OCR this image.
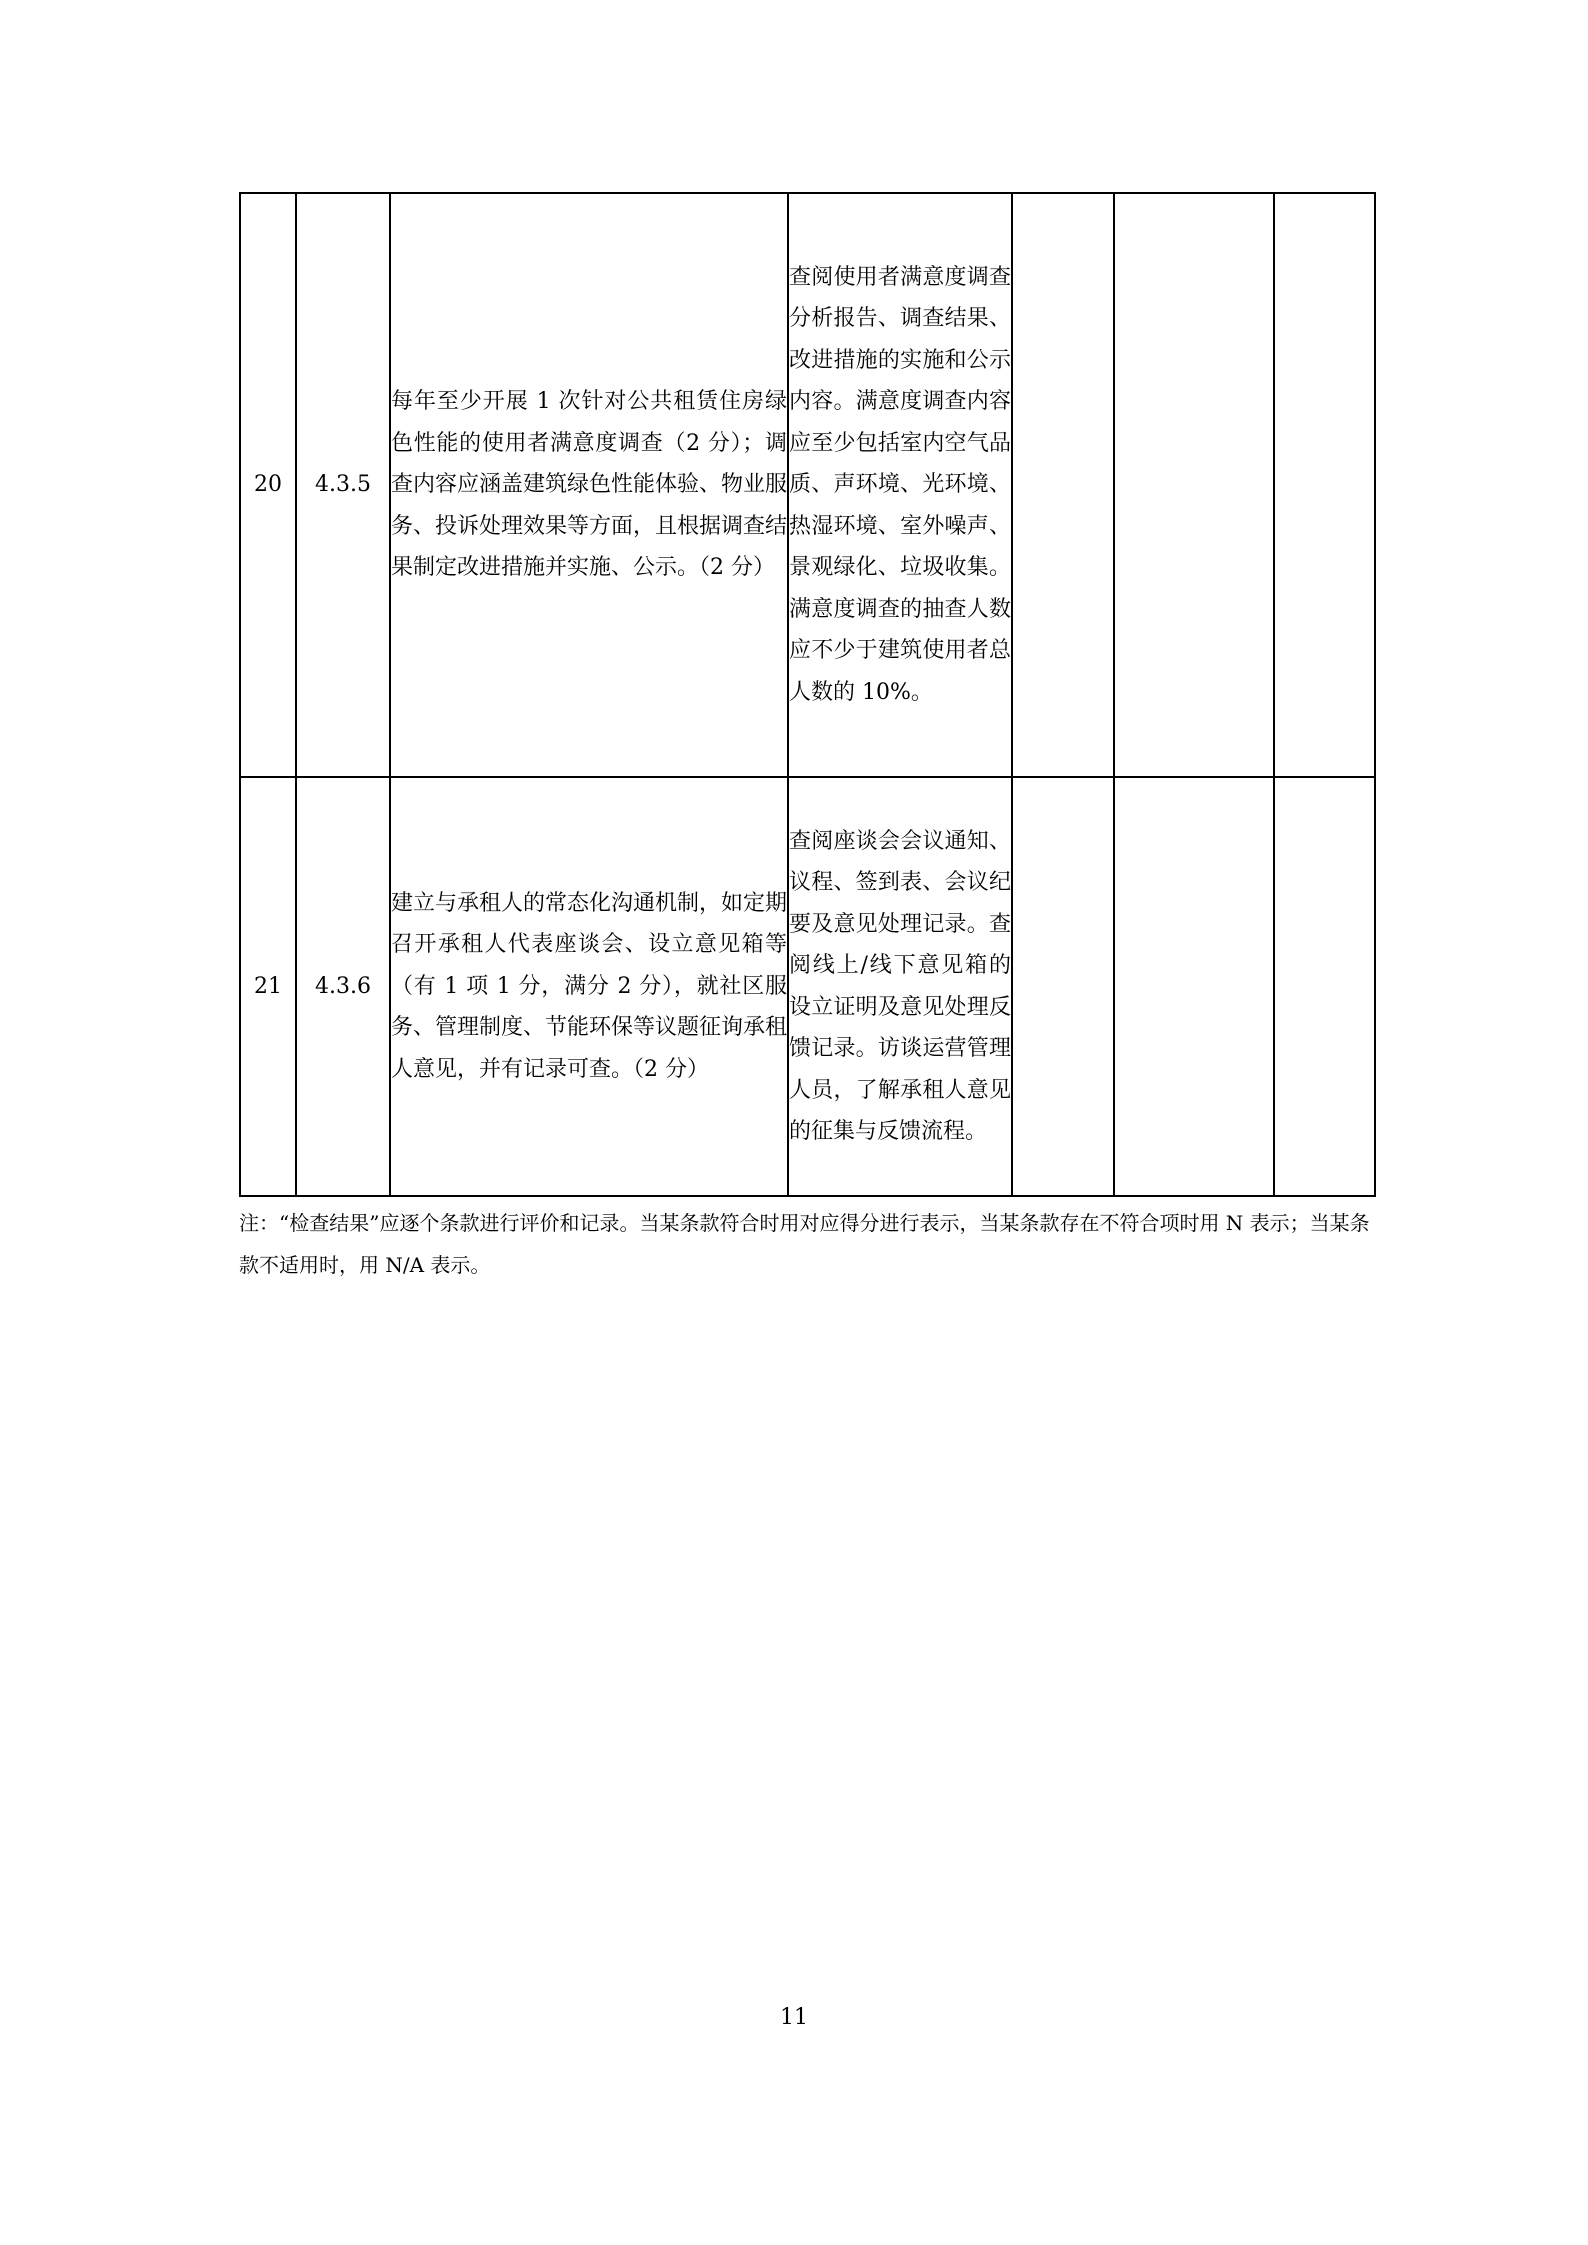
20	4.3.5	每年至少开展 1 次针对公共租赁住房绿色性能的使用者满意度调查（2 分）；调查内容应涵盖建筑绿色性能体验、物业服务、投诉处理效果等方面，且根据调查结果制定改进措施并实施、公示。（2 分）	查阅使用者满意度调查分析报告、调查结果、改进措施的实施和公示内容。满意度调查内容应至少包括室内空气品质、声环境、光环境、热湿环境、室外噪声、景观绿化、垃圾收集。满意度调查的抽查人数应不少于建筑使用者总人数的 10%。			
21	4.3.6	建立与承租人的常态化沟通机制，如定期召开承租人代表座谈会、设立意见箱等（有 1 项 1 分，满分 2 分），就社区服务、管理制度、节能环保等议题征询承租人意见，并有记录可查。（2 分）	查阅座谈会会议通知、议程、签到表、会议纪要及意见处理记录。查阅线上/线下意见箱的设立证明及意见处理反馈记录。访谈运营管理人员，了解承租人意见的征集与反馈流程。			
注：“检查结果”应逐个条款进行评价和记录。当某条款符合时用对应得分进行表示，当某条款存在不符合项时用 N 表示；当某条款不适用时，用 N/A 表示。
11
